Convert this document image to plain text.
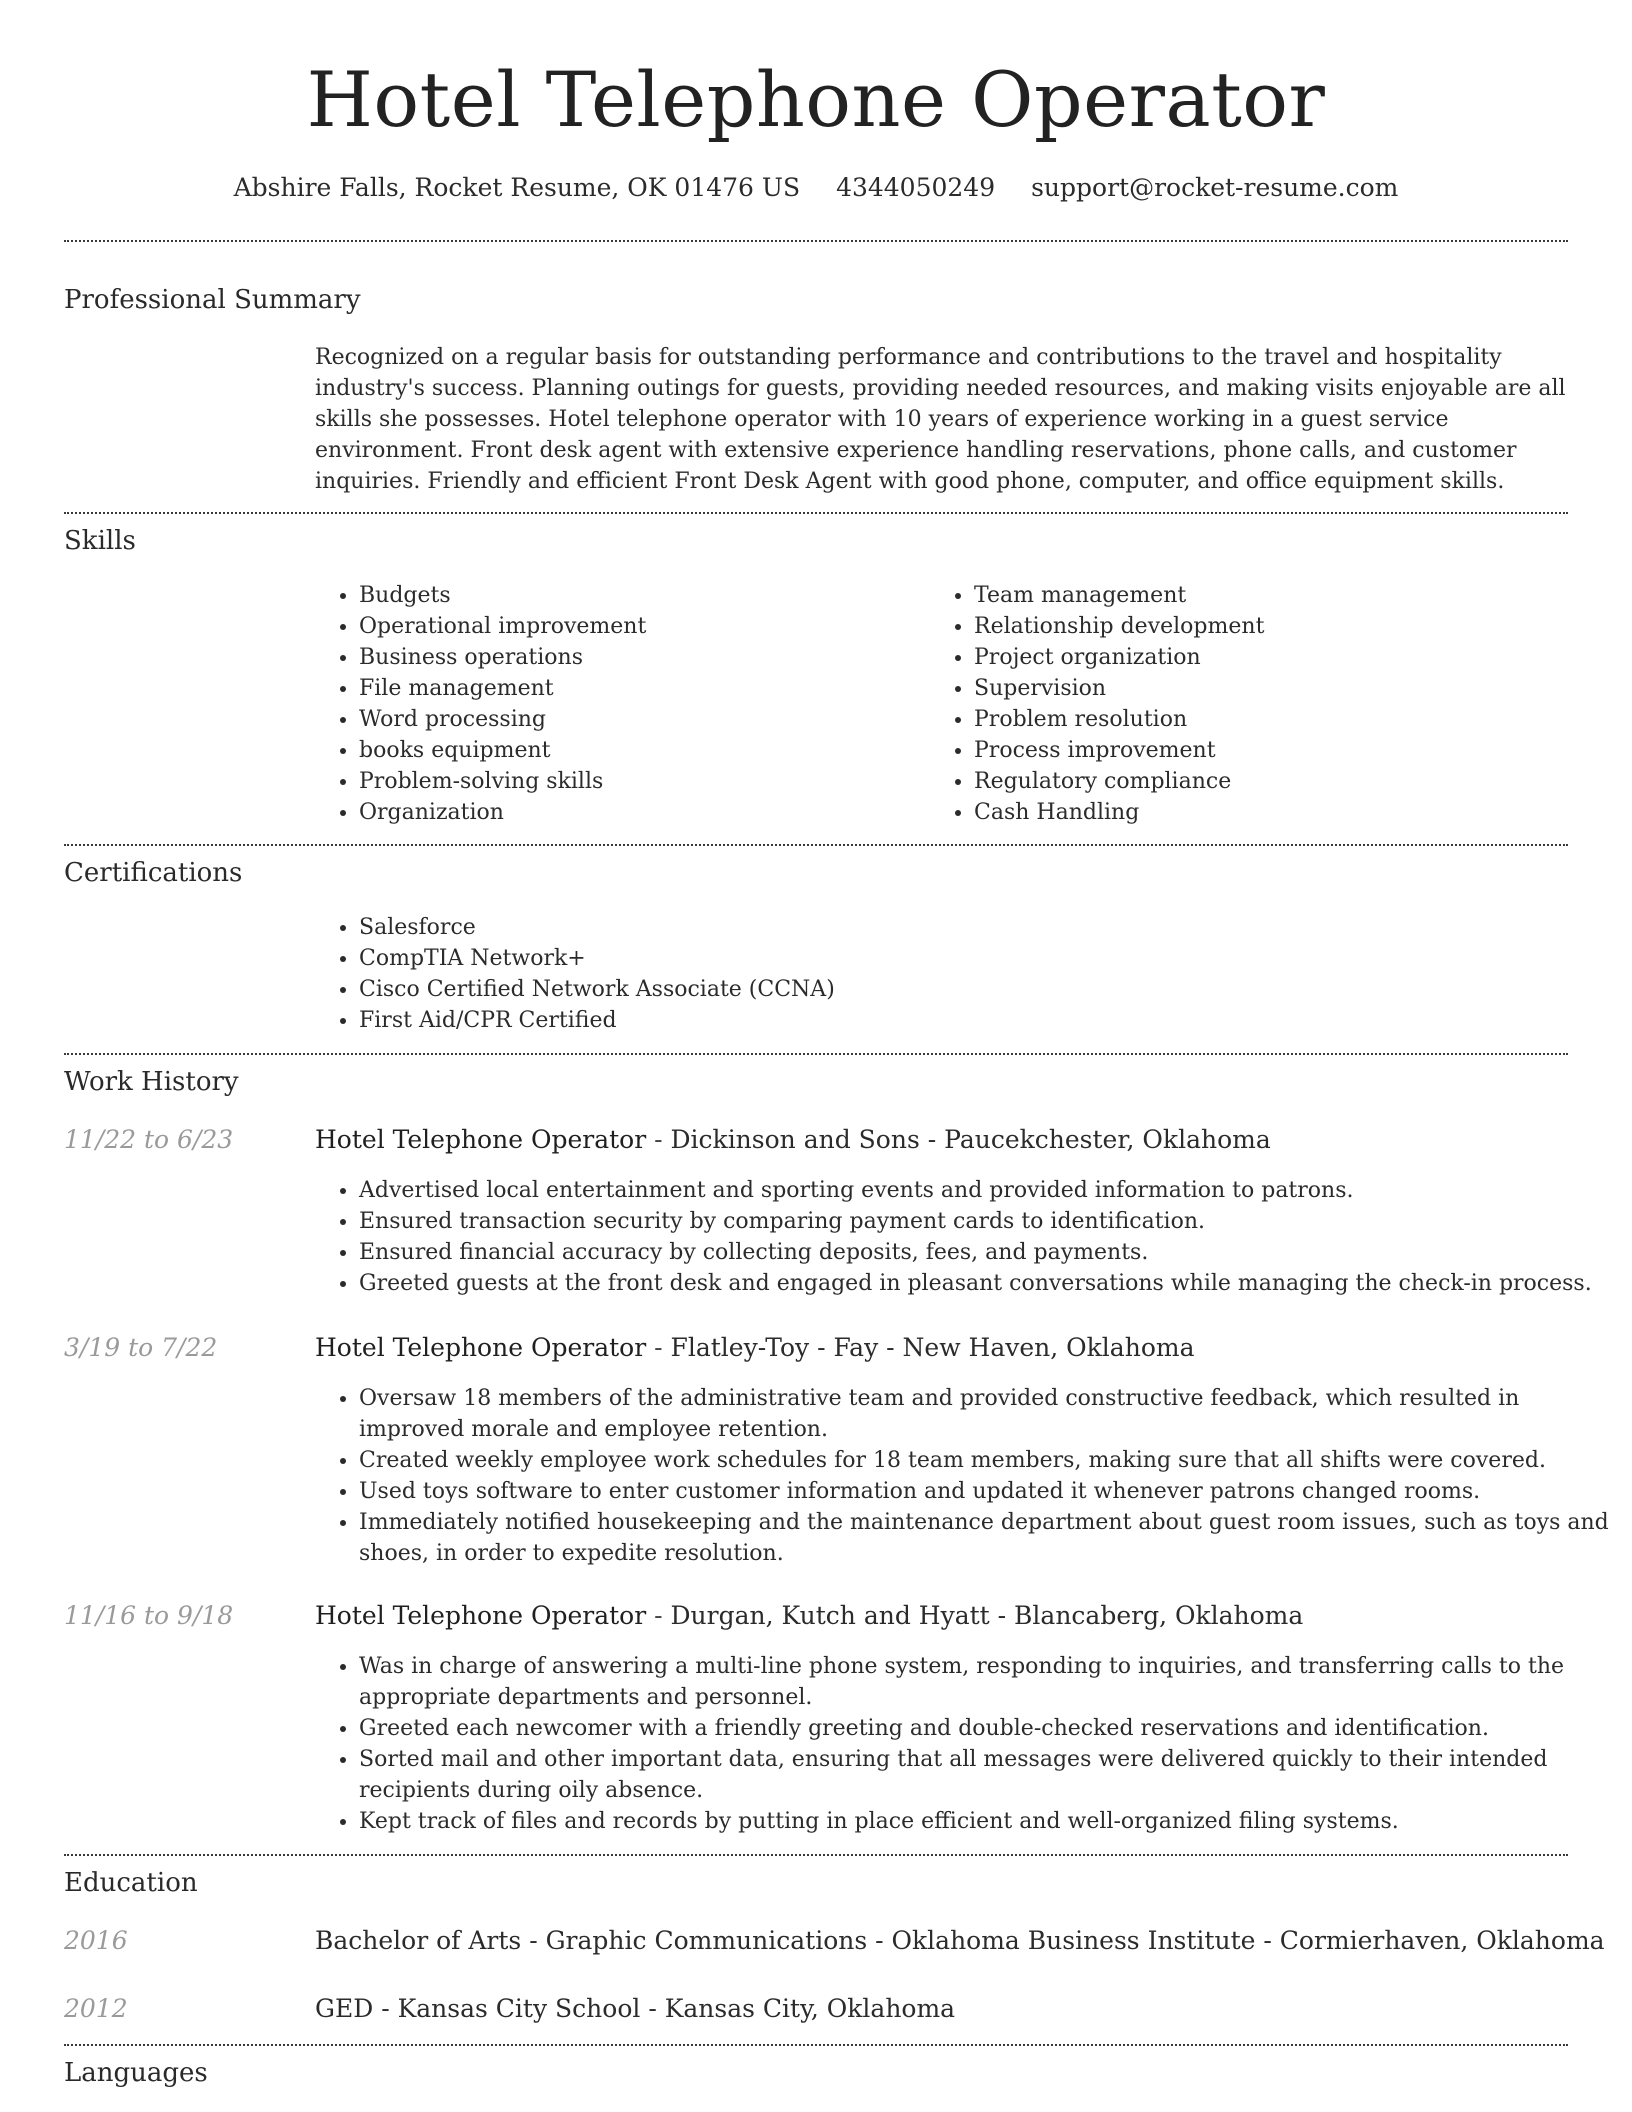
Hotel Telephone Operator
Abshire Falls, Rocket Resume, OK 01476 US 4344050249 support@rocket-resume.com
Professional Summary
Recognized on a regular basis for outstanding performance and contributions to the travel and hospitality industry's success. Planning outings for guests, providing needed resources, and making visits enjoyable are all skills she possesses. Hotel telephone operator with 10 years of experience working in a guest service environment. Front desk agent with extensive experience handling reservations, phone calls, and customer inquiries. Friendly and efficient Front Desk Agent with good phone, computer, and office equipment skills.
Skills
• Budgets
• Operational improvement
• Business operations
• File management
• Word processing
• books equipment
• Problem-solving skills
• Organization
• Team management
• Relationship development
• Project organization
• Supervision
• Problem resolution
• Process improvement
• Regulatory compliance
• Cash Handling
Certifications
• Salesforce
• CompTIA Network+
• Cisco Certified Network Associate (CCNA)
• First Aid/CPR Certified
Work History
11/22 to 6/23	Hotel Telephone Operator - Dickinson and Sons - Paucekchester, Oklahoma
• Advertised local entertainment and sporting events and provided information to patrons.
• Ensured transaction security by comparing payment cards to identification.
• Ensured financial accuracy by collecting deposits, fees, and payments.
• Greeted guests at the front desk and engaged in pleasant conversations while managing the check-in process.
3/19 to 7/22	Hotel Telephone Operator - Flatley-Toy - Fay - New Haven, Oklahoma
• Oversaw 18 members of the administrative team and provided constructive feedback, which resulted in improved morale and employee retention.
• Created weekly employee work schedules for 18 team members, making sure that all shifts were covered.
• Used toys software to enter customer information and updated it whenever patrons changed rooms.
• Immediately notified housekeeping and the maintenance department about guest room issues, such as toys and shoes, in order to expedite resolution.
11/16 to 9/18	Hotel Telephone Operator - Durgan, Kutch and Hyatt - Blancaberg, Oklahoma
• Was in charge of answering a multi-line phone system, responding to inquiries, and transferring calls to the appropriate departments and personnel.
• Greeted each newcomer with a friendly greeting and double-checked reservations and identification.
• Sorted mail and other important data, ensuring that all messages were delivered quickly to their intended recipients during oily absence.
• Kept track of files and records by putting in place efficient and well-organized filing systems.
Education
2016	Bachelor of Arts - Graphic Communications - Oklahoma Business Institute - Cormierhaven, Oklahoma
2012	GED - Kansas City School - Kansas City, Oklahoma
Languages
